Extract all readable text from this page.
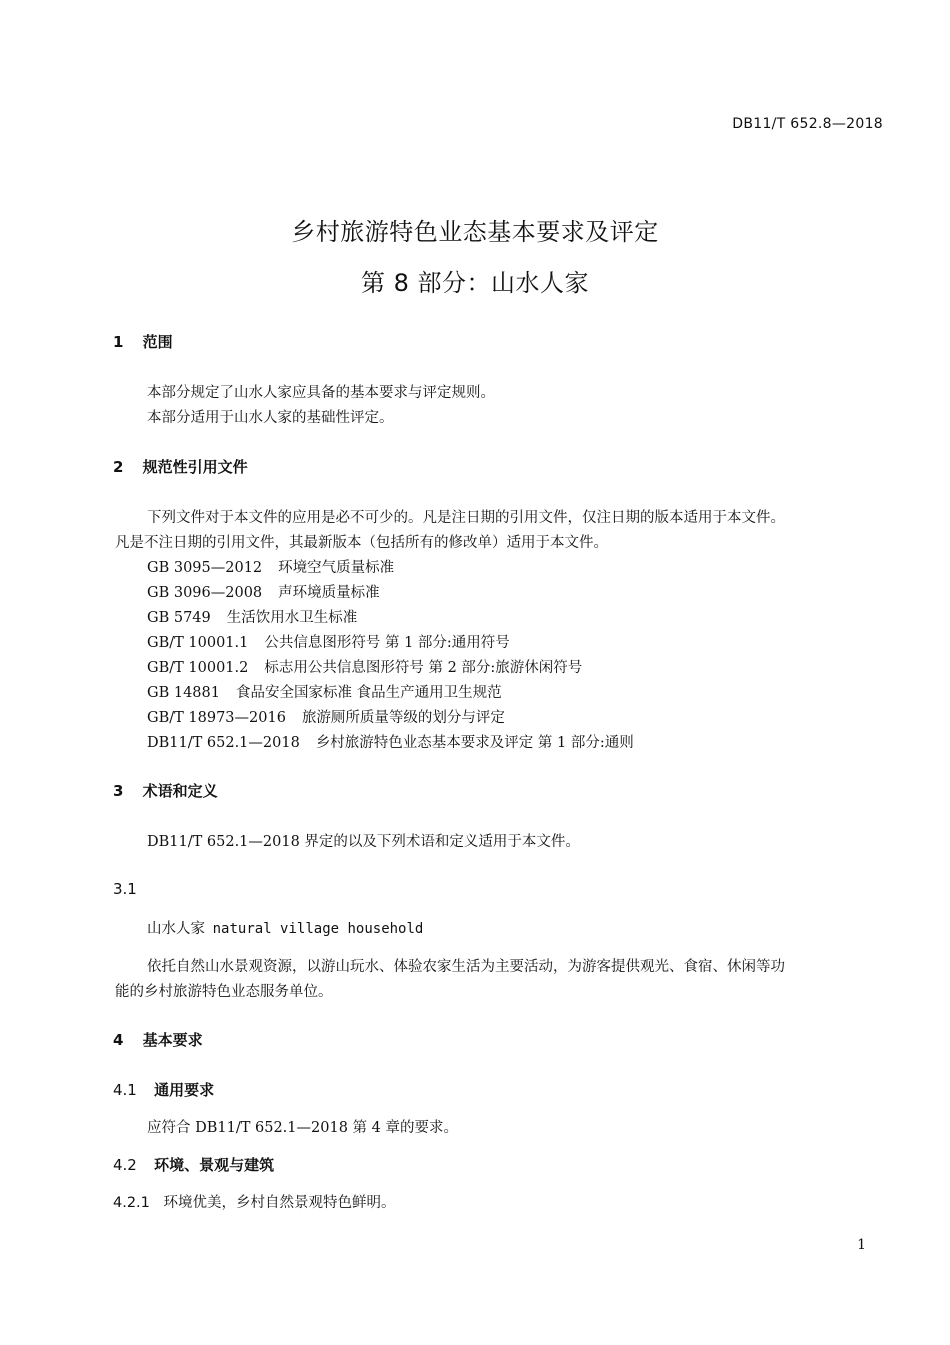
DB11/T 652.8—2018
乡村旅游特色业态基本要求及评定
第 8 部分：山水人家
1 范围
本部分规定了山水人家应具备的基本要求与评定规则。
本部分适用于山水人家的基础性评定。
2 规范性引用文件
下列文件对于本文件的应用是必不可少的。凡是注日期的引用文件，仅注日期的版本适用于本文件。
凡是不注日期的引用文件，其最新版本（包括所有的修改单）适用于本文件。
GB 3095—2012 环境空气质量标准
GB 3096—2008 声环境质量标准
GB 5749 生活饮用水卫生标准
GB/T 10001.1 公共信息图形符号 第 1 部分:通用符号
GB/T 10001.2 标志用公共信息图形符号 第 2 部分:旅游休闲符号
GB 14881 食品安全国家标准 食品生产通用卫生规范
GB/T 18973—2016 旅游厕所质量等级的划分与评定
DB11/T 652.1—2018 乡村旅游特色业态基本要求及评定 第 1 部分:通则
3 术语和定义
DB11/T 652.1—2018 界定的以及下列术语和定义适用于本文件。
3.1
山水人家 natural village household
依托自然山水景观资源，以游山玩水、体验农家生活为主要活动，为游客提供观光、食宿、休闲等功
能的乡村旅游特色业态服务单位。
4 基本要求
4.1 通用要求
应符合 DB11/T 652.1—2018 第 4 章的要求。
4.2 环境、景观与建筑
4.2.1 环境优美，乡村自然景观特色鲜明。
1
